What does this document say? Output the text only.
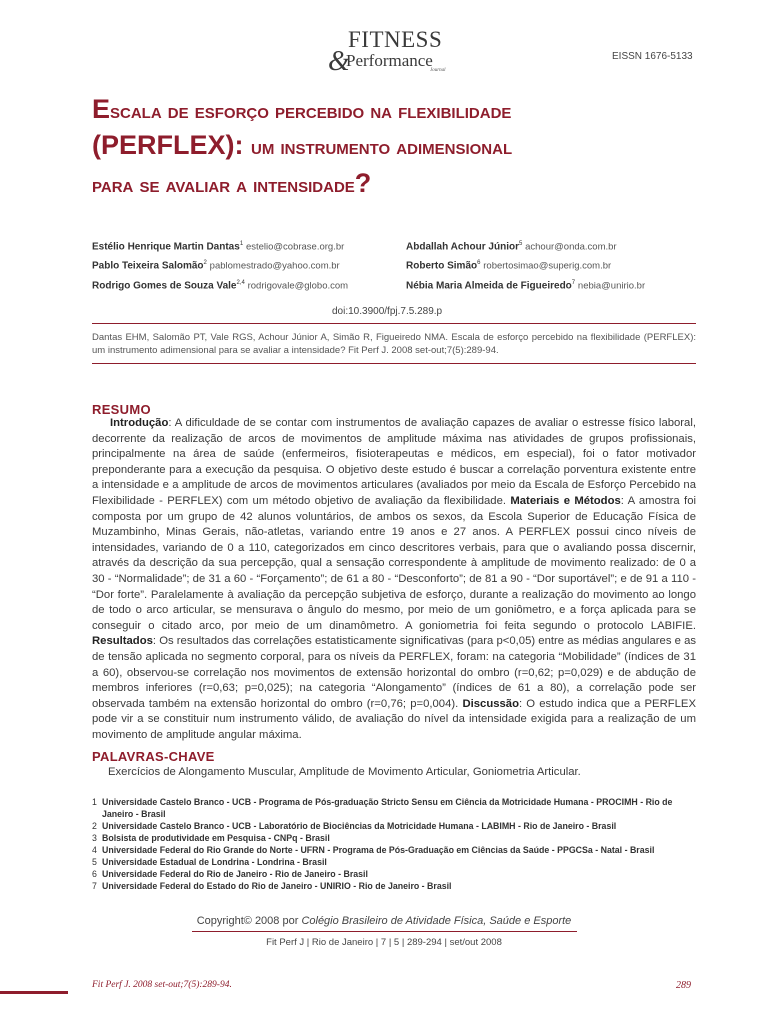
FITNESS
&
Performance
Journal
EISSN 1676-5133
Escala de esforço percebido na flexibilidade
(PERFLEX): um instrumento adimensional
para se avaliar a intensidade?
Estélio Henrique Martin Dantas$^1$ estelio@cobrase.org.br
Pablo Teixeira Salomão$^2$ pablomestrado@yahoo.com.br
Rodrigo Gomes de Souza Vale$^{2,4}$ rodrigovale@globo.com
Abdallah Achour Júnior$^5$ achour@onda.com.br
Roberto Simão$^6$ robertosimao@superig.com.br
Nébia Maria Almeida de Figueiredo$^7$ nebia@unirio.br
doi:10.3900/fpj.7.5.289.p
Dantas EHM, Salomão PT, Vale RGS, Achour Júnior A, Simão R, Figueiredo NMA. Escala de esforço percebido na flexibilidade (PERFLEX): um instrumento adimensional para se avaliar a intensidade? Fit Perf J. 2008 set-out;7(5):289-94.
RESUMO
Introdução: A dificuldade de se contar com instrumentos de avaliação capazes de avaliar o estresse físico laboral, decorrente da realização de arcos de movimentos de amplitude máxima nas atividades de grupos profissionais, principalmente na área de saúde (enfermeiros, fisioterapeutas e médicos, em especial), foi o fator motivador preponderante para a execução da pesquisa. O objetivo deste estudo é buscar a correlação porventura existente entre a intensidade e a amplitude de arcos de movimentos articulares (avaliados por meio da Escala de Esforço Percebido na Flexibilidade - PERFLEX) com um método objetivo de avaliação da flexibilidade. Materiais e Métodos: A amostra foi composta por um grupo de 42 alunos voluntários, de ambos os sexos, da Escola Superior de Educação Física de Muzambinho, Minas Gerais, não-atletas, variando entre 19 anos e 27 anos. A PERFLEX possui cinco níveis de intensidades, variando de 0 a 110, categorizados em cinco descritores verbais, para que o avaliando possa discernir, através da descrição da sua percepção, qual a sensação correspondente à amplitude de movimento realizado: de 0 a 30 - “Normalidade”; de 31 a 60 - “Forçamento”; de 61 a 80 - “Desconforto”; de 81 a 90 - “Dor suportável”; e de 91 a 110 - “Dor forte”. Paralelamente à avaliação da percepção subjetiva de esforço, durante a realização do movimento ao longo de todo o arco articular, se mensurava o ângulo do mesmo, por meio de um goniômetro, e a força aplicada para se conseguir o citado arco, por meio de um dinamômetro. A goniometria foi feita segundo o protocolo LABIFIE. Resultados: Os resultados das correlações estatisticamente significativas (para p<0,05) entre as médias angulares e as de tensão aplicada no segmento corporal, para os níveis da PERFLEX, foram: na categoria “Mobilidade” (índices de 31 a 60), observou-se correlação nos movimentos de extensão horizontal do ombro (r=0,62; p=0,029) e de abdução de membros inferiores (r=0,63; p=0,025); na categoria “Alongamento” (índices de 61 a 80), a correlação pode ser observada também na extensão horizontal do ombro (r=0,76; p=0,004). Discussão: O estudo indica que a PERFLEX pode vir a se constituir num instrumento válido, de avaliação do nível da intensidade exigida para a realização de um movimento de amplitude angular máxima.
PALAVRAS-CHAVE
Exercícios de Alongamento Muscular, Amplitude de Movimento Articular, Goniometria Articular.
1 Universidade Castelo Branco - UCB - Programa de Pós-graduação Stricto Sensu em Ciência da Motricidade Humana - PROCIMH - Rio de
Janeiro - Brasil
2 Universidade Castelo Branco - UCB - Laboratório de Biociências da Motricidade Humana - LABIMH - Rio de Janeiro - Brasil
3 Bolsista de produtividade em Pesquisa - CNPq - Brasil
4 Universidade Federal do Rio Grande do Norte - UFRN - Programa de Pós-Graduação em Ciências da Saúde - PPGCSa - Natal - Brasil
5 Universidade Estadual de Londrina - Londrina - Brasil
6 Universidade Federal do Rio de Janeiro - Rio de Janeiro - Brasil
7 Universidade Federal do Estado do Rio de Janeiro - UNIRIO - Rio de Janeiro - Brasil
Copyright© 2008 por Colégio Brasileiro de Atividade Física, Saúde e Esporte
Fit Perf J | Rio de Janeiro | 7 | 5 | 289-294 | set/out 2008
Fit Perf J. 2008 set-out;7(5):289-94.	289
